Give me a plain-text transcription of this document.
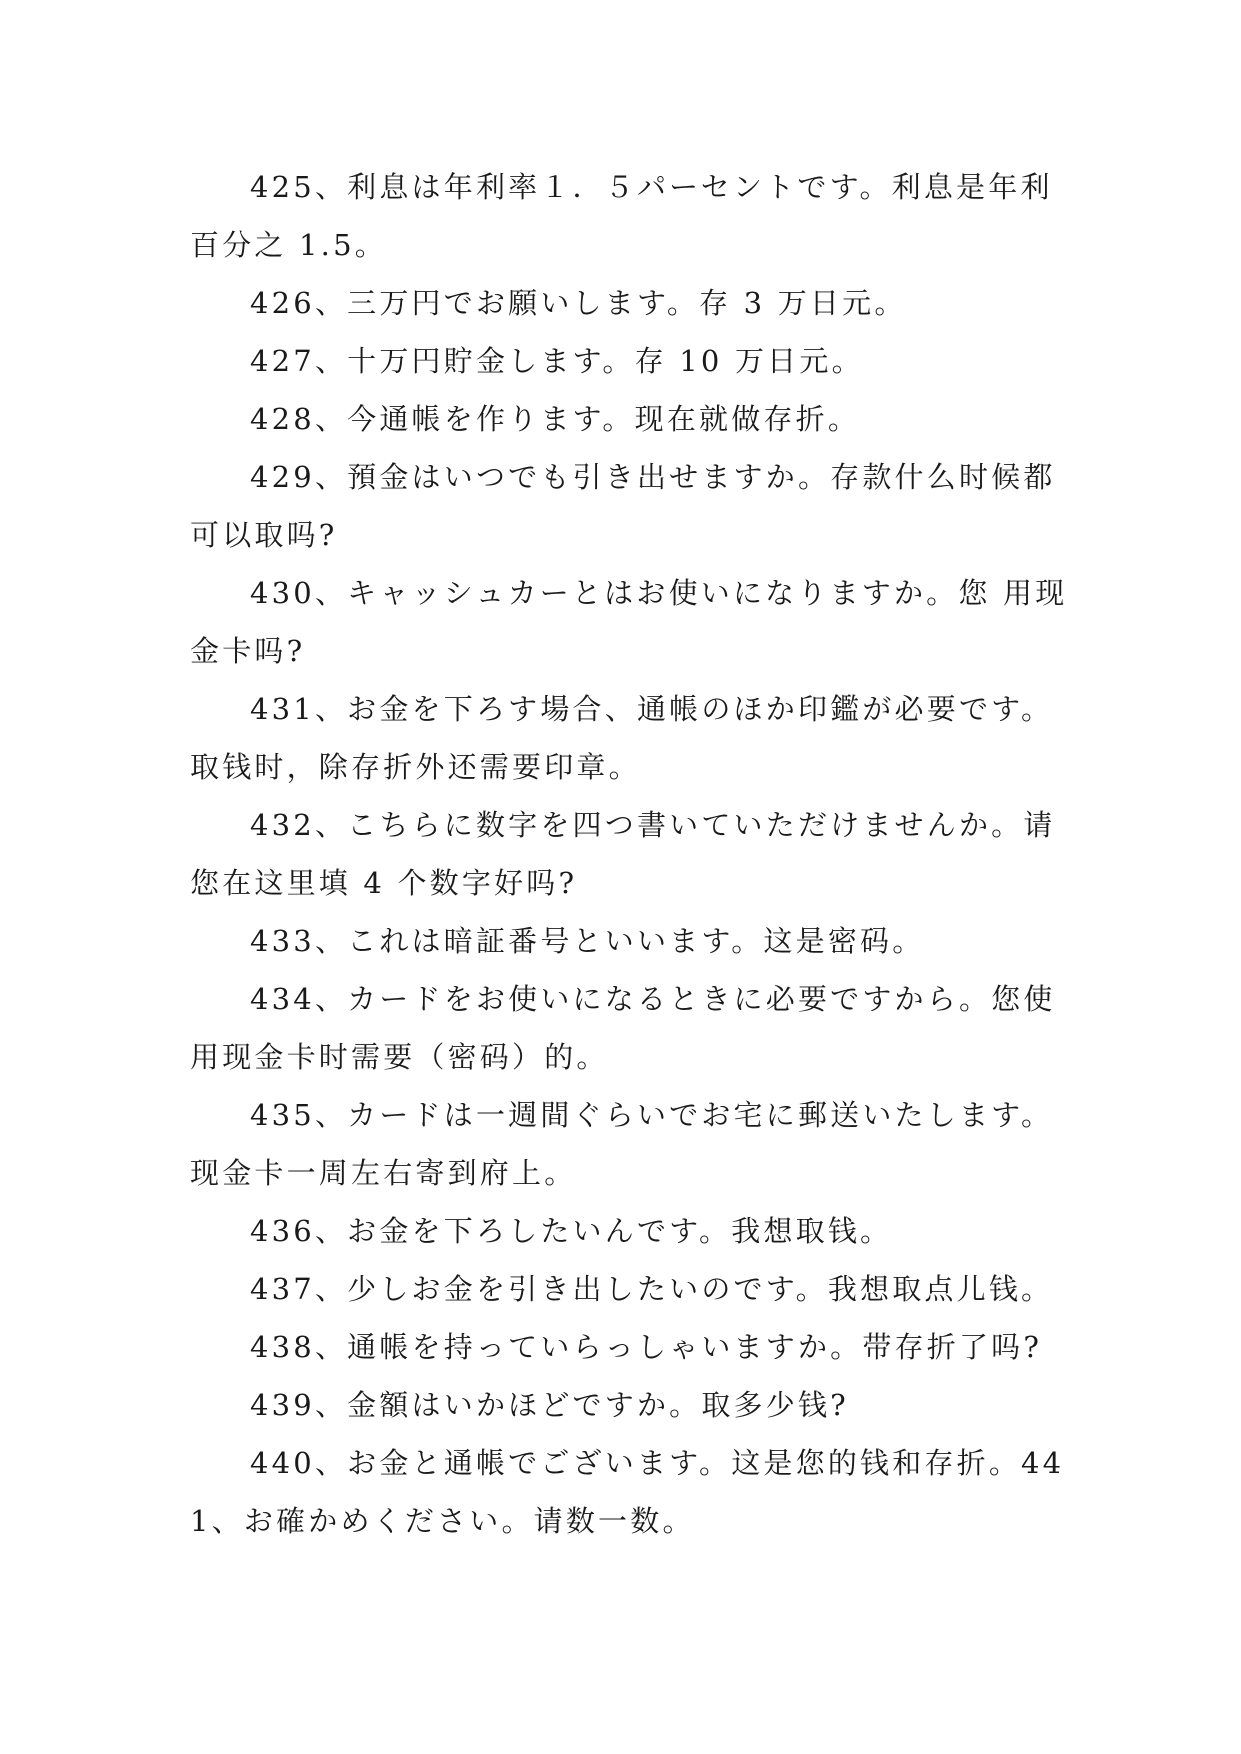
425、利息は年利率１．５パーセントです。利息是年利百分之 1.5。

426、三万円でお願いします。存 3 万日元。

427、十万円貯金します。存 10 万日元。

428、今通帳を作ります。现在就做存折。

429、預金はいつでも引き出せますか。存款什么时候都可以取吗?

430、キャッシュカーとはお使いになりますか。您 用现金卡吗?

431、お金を下ろす場合、通帳のほか印鑑が必要です。取钱时，除存折外还需要印章。

432、こちらに数字を四つ書いていただけませんか。请您在这里填 4 个数字好吗?

433、これは暗証番号といいます。这是密码。

434、カードをお使いになるときに必要ですから。您使用现金卡时需要（密码）的。

435、カードは一週間ぐらいでお宅に郵送いたします。现金卡一周左右寄到府上。

436、お金を下ろしたいんです。我想取钱。

437、少しお金を引き出したいのです。我想取点儿钱。

438、通帳を持っていらっしゃいますか。带存折了吗?

439、金額はいかほどですか。取多少钱?

440、お金と通帳でございます。这是您的钱和存折。441、お確かめください。请数一数。
